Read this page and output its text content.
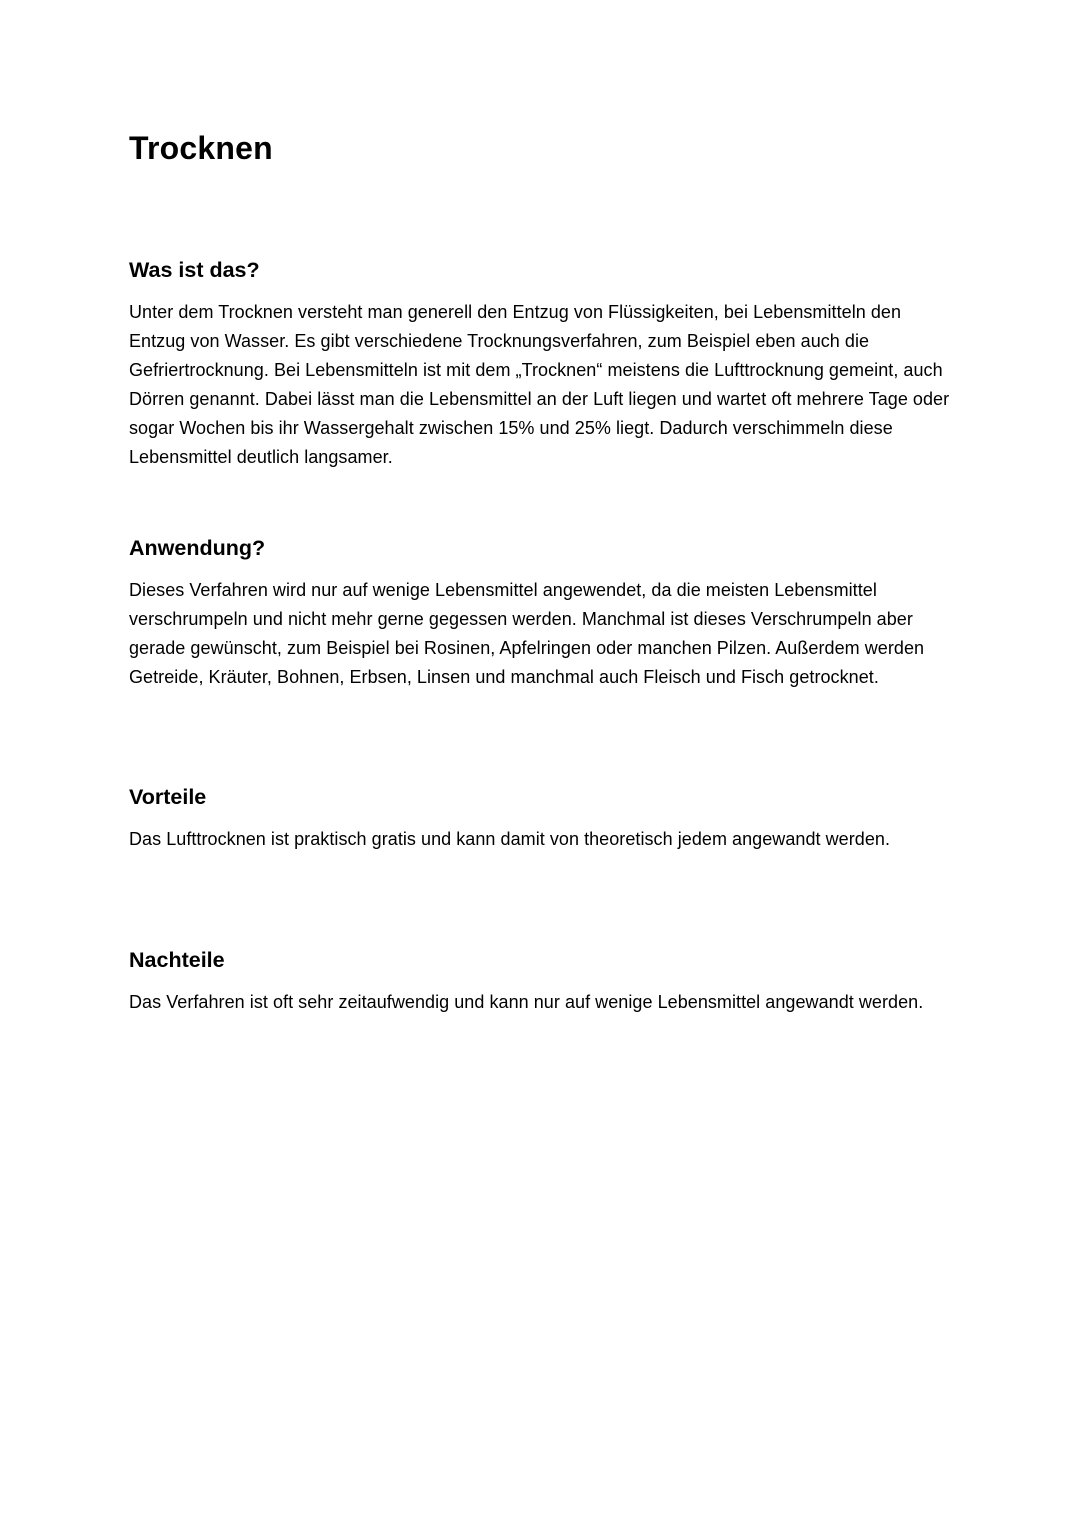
Trocknen
Was ist das?

Unter dem Trocknen versteht man generell den Entzug von Flüssigkeiten, bei Lebensmitteln den Entzug von Wasser. Es gibt verschiedene Trocknungsverfahren, zum Beispiel eben auch die Gefriertrocknung. Bei Lebensmitteln ist mit dem „Trocknen“ meistens die Lufttrocknung gemeint, auch Dörren genannt. Dabei lässt man die Lebensmittel an der Luft liegen und wartet oft mehrere Tage oder sogar Wochen bis ihr Wassergehalt zwischen 15% und 25% liegt. Dadurch verschimmeln diese Lebensmittel deutlich langsamer.

Anwendung?

Dieses Verfahren wird nur auf wenige Lebensmittel angewendet, da die meisten Lebensmittel verschrumpeln und nicht mehr gerne gegessen werden. Manchmal ist dieses Verschrumpeln aber gerade gewünscht, zum Beispiel bei Rosinen, Apfelringen oder manchen Pilzen. Außerdem werden Getreide, Kräuter, Bohnen, Erbsen, Linsen und manchmal auch Fleisch und Fisch getrocknet.

Vorteile

Das Lufttrocknen ist praktisch gratis und kann damit von theoretisch jedem angewandt werden.

Nachteile

Das Verfahren ist oft sehr zeitaufwendig und kann nur auf wenige Lebensmittel angewandt werden.
